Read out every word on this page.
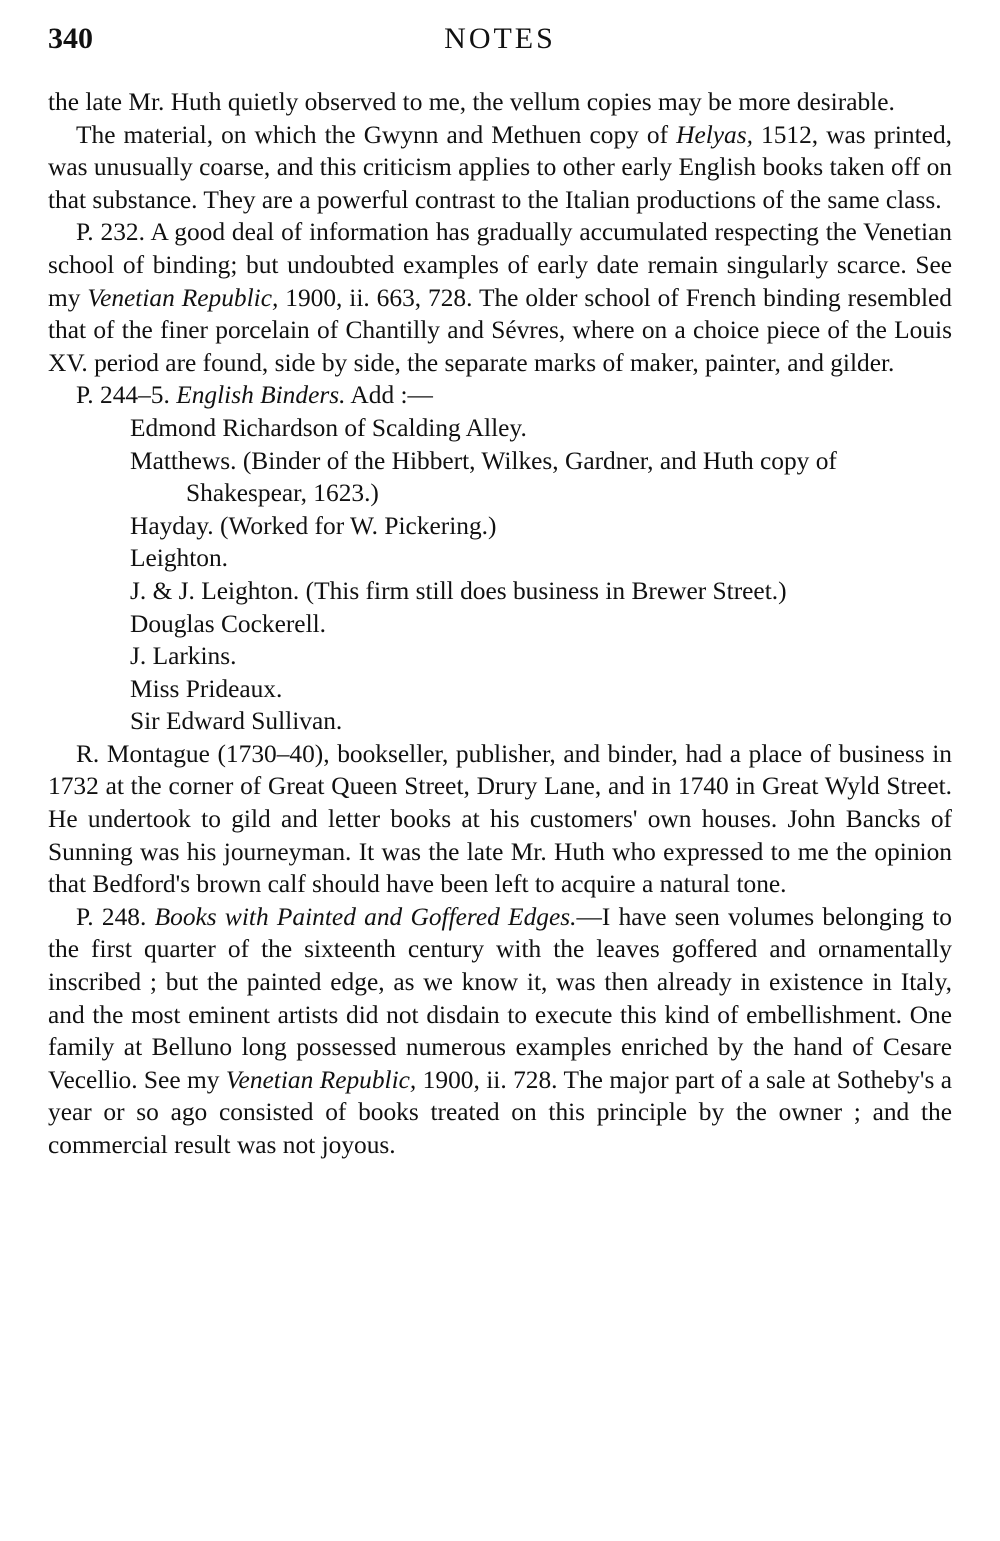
340	NOTES

the late Mr. Huth quietly observed to me, the vellum copies may be more desirable.

The material, on which the Gwynn and Methuen copy of Helyas, 1512, was printed, was unusually coarse, and this criticism applies to other early English books taken off on that substance. They are a powerful contrast to the Italian productions of the same class.

P. 232. A good deal of information has gradually accumulated respecting the Venetian school of binding; but undoubted examples of early date remain singularly scarce. See my Venetian Republic, 1900, ii. 663, 728. The older school of French binding resembled that of the finer porcelain of Chantilly and Sévres, where on a choice piece of the Louis XV. period are found, side by side, the separate marks of maker, painter, and gilder.

P. 244–5. English Binders. Add :—

Edmond Richardson of Scalding Alley.

Matthews. (Binder of the Hibbert, Wilkes, Gardner, and Huth copy of Shakespear, 1623.)

Hayday. (Worked for W. Pickering.)

Leighton.

J. & J. Leighton. (This firm still does business in Brewer Street.)

Douglas Cockerell.

J. Larkins.

Miss Prideaux.

Sir Edward Sullivan.

R. Montague (1730–40), bookseller, publisher, and binder, had a place of business in 1732 at the corner of Great Queen Street, Drury Lane, and in 1740 in Great Wyld Street. He undertook to gild and letter books at his customers' own houses. John Bancks of Sunning was his journeyman. It was the late Mr. Huth who expressed to me the opinion that Bedford's brown calf should have been left to acquire a natural tone.

P. 248. Books with Painted and Goffered Edges.—I have seen volumes belonging to the first quarter of the sixteenth century with the leaves goffered and ornamentally inscribed ; but the painted edge, as we know it, was then already in existence in Italy, and the most eminent artists did not disdain to execute this kind of embellishment. One family at Belluno long possessed numerous examples enriched by the hand of Cesare Vecellio. See my Venetian Republic, 1900, ii. 728. The major part of a sale at Sotheby's a year or so ago consisted of books treated on this principle by the owner ; and the commercial result was not joyous.
